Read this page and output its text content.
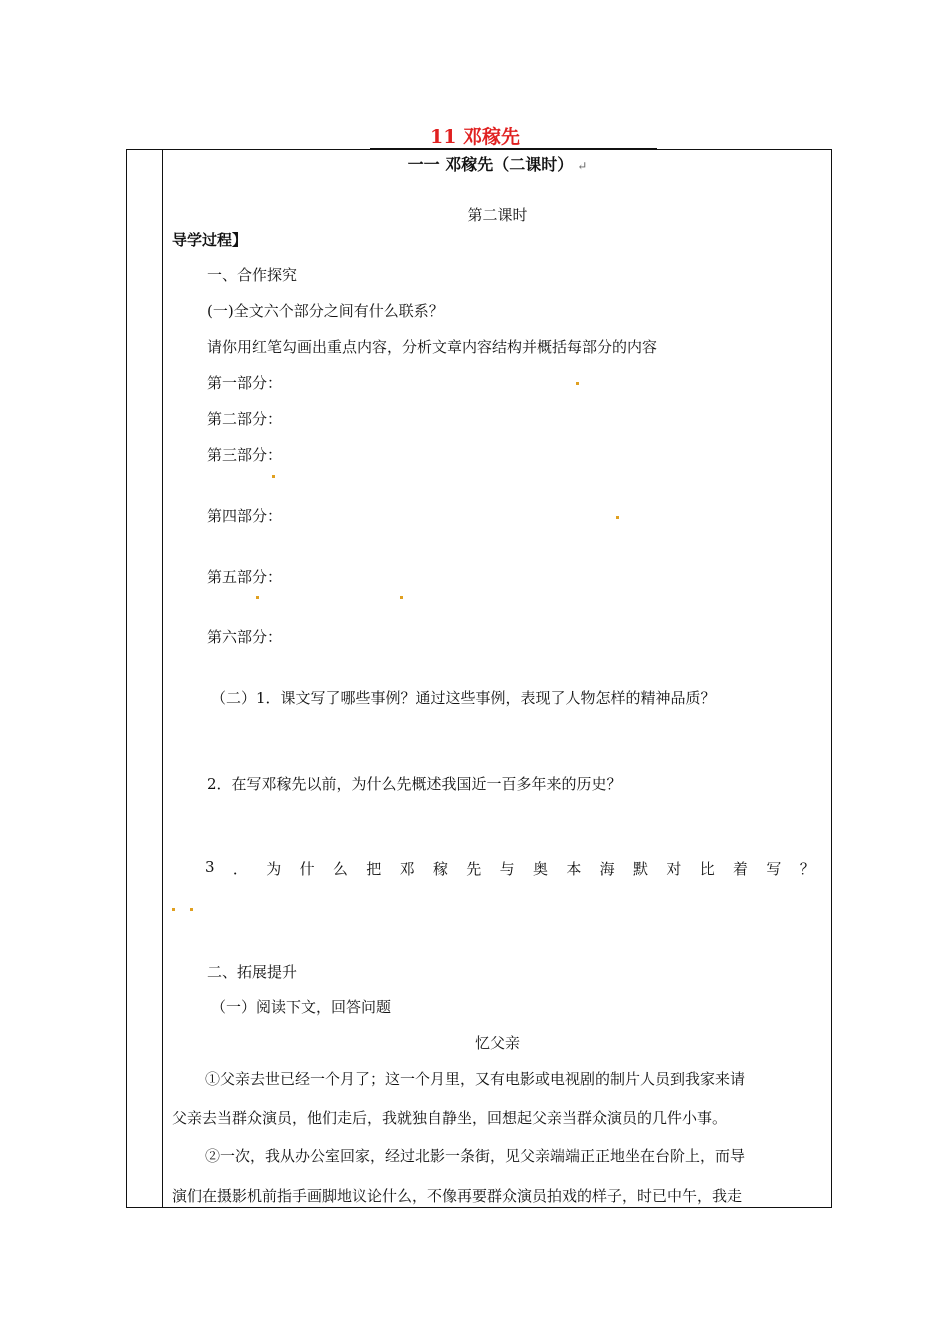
11 邓稼先
一一 邓稼先（二课时） ↵
第二课时
导学过程】
一、合作探究
(一)全文六个部分之间有什么联系？
请你用红笔勾画出重点内容，分析文章内容结构并概括每部分的内容
第一部分：
第二部分：
第三部分：
第四部分：
第五部分：
第六部分：
（二）1．课文写了哪些事例？通过这些事例，表现了人物怎样的精神品质？
2．在写邓稼先以前，为什么先概述我国近一百多年来的历史？
3 ． 为 什 么 把 邓 稼 先 与 奥 本 海 默 对 比 着 写 ？
二、拓展提升
（一）阅读下文，回答问题
忆父亲
①父亲去世已经一个月了；这一个月里，又有电影或电视剧的制片人员到我家来请
父亲去当群众演员，他们走后，我就独自静坐，回想起父亲当群众演员的几件小事。
②一次，我从办公室回家，经过北影一条街，见父亲端端正正地坐在台阶上，而导
演们在摄影机前指手画脚地议论什么，不像再要群众演员拍戏的样子，时已中午，我走
